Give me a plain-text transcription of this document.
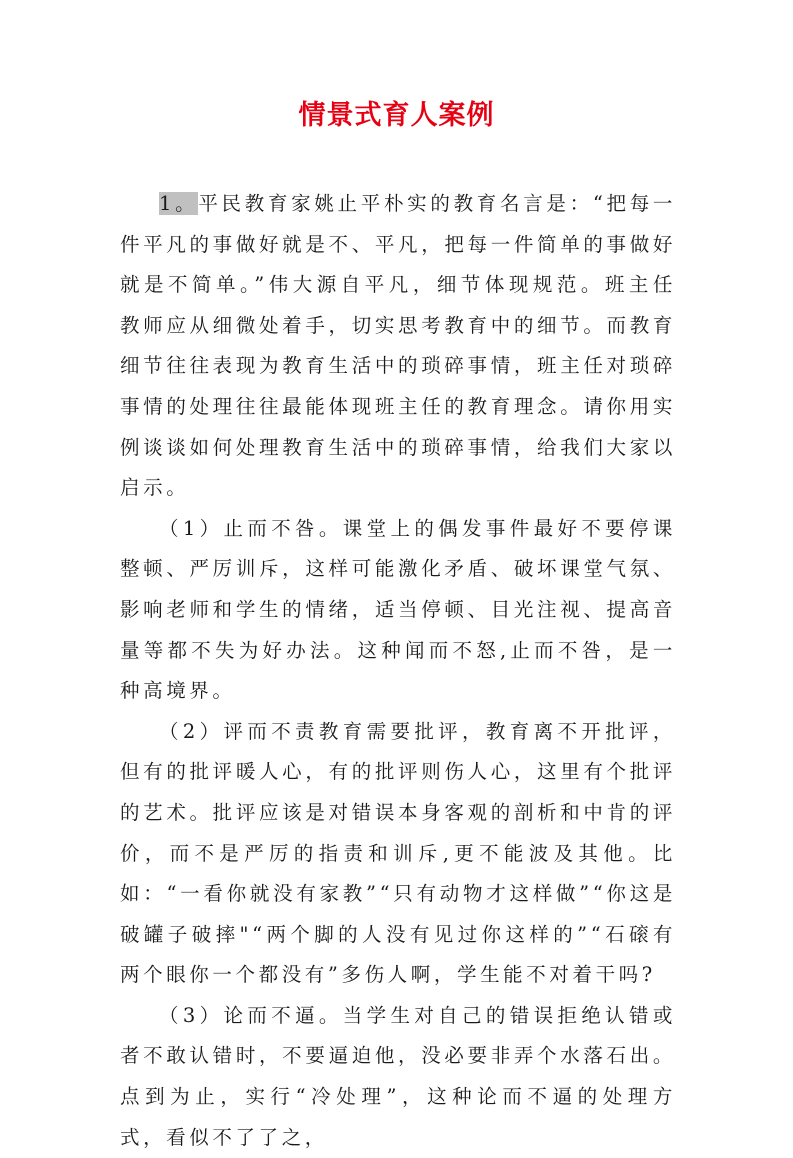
情景式育人案例

1。平民教育家姚止平朴实的教育名言是：“把每一件平凡的事做好就是不、平凡，把每一件简单的事做好就是不简单。”伟大源自平凡，细节体现规范。班主任教师应从细微处着手，切实思考教育中的细节。而教育细节往往表现为教育生活中的琐碎事情，班主任对琐碎事情的处理往往最能体现班主任的教育理念。请你用实例谈谈如何处理教育生活中的琐碎事情，给我们大家以启示。

（1）止而不咎。课堂上的偶发事件最好不要停课整顿、严厉训斥，这样可能激化矛盾、破坏课堂气氛、影响老师和学生的情绪，适当停顿、目光注视、提高音量等都不失为好办法。这种闻而不怒,止而不咎，是一种高境界。

（2）评而不责教育需要批评，教育离不开批评，但有的批评暖人心，有的批评则伤人心，这里有个批评的艺术。批评应该是对错误本身客观的剖析和中肯的评价，而不是严厉的指责和训斥,更不能波及其他。比如：“一看你就没有家教”“只有动物才这样做”“你这是破罐子破摔"“两个脚的人没有见过你这样的”“石磙有两个眼你一个都没有”多伤人啊，学生能不对着干吗?

（3）论而不逼。当学生对自己的错误拒绝认错或者不敢认错时，不要逼迫他，没必要非弄个水落石出。点到为止，实行“冷处理”，这种论而不逼的处理方式，看似不了了之，
